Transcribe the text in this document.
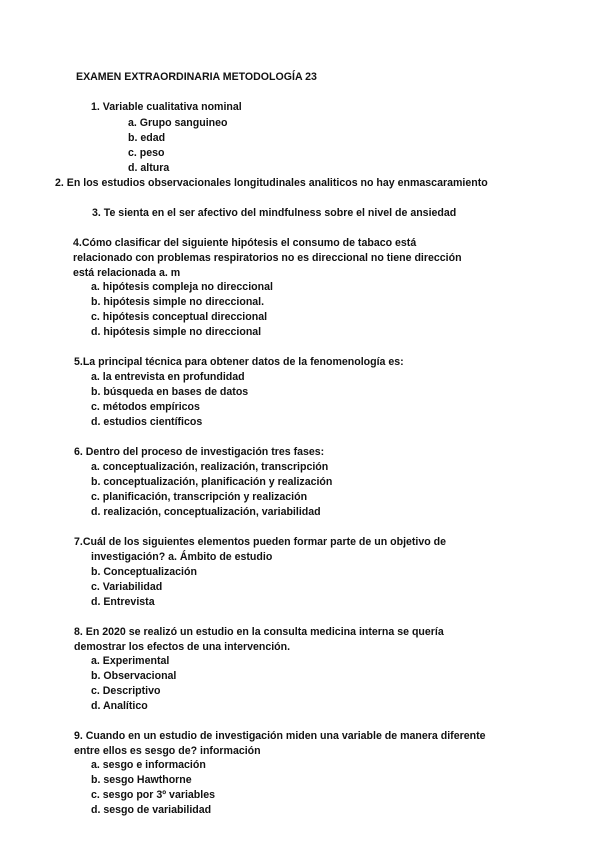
EXAMEN EXTRAORDINARIA METODOLOGÍA 23
1. Variable cualitativa nominal
a. Grupo sanguineo
b. edad
c. peso
d. altura
2. En los estudios observacionales longitudinales analiticos no hay enmascaramiento
3. Te sienta en el ser afectivo del mindfulness sobre el nivel de ansiedad
4.Cómo clasificar del siguiente hipótesis el consumo de tabaco está
relacionado con problemas respiratorios no es direccional no tiene dirección
está relacionada a. m
a. hipótesis compleja no direccional
b. hipótesis simple no direccional.
c. hipótesis conceptual direccional
d. hipótesis simple no direccional
5.La principal técnica para obtener datos de la fenomenología es:
a. la entrevista en profundidad
b. búsqueda en bases de datos
c. métodos empíricos
d. estudios científicos
6. Dentro del proceso de investigación tres fases:
a. conceptualización, realización, transcripción
b. conceptualización, planificación y realización
c. planificación, transcripción y realización
d. realización, conceptualización, variabilidad
7.Cuál de los siguientes elementos pueden formar parte de un objetivo de
investigación? a. Ámbito de estudio
b. Conceptualización
c. Variabilidad
d. Entrevista
8. En 2020 se realizó un estudio en la consulta medicina interna se quería
demostrar los efectos de una intervención.
a. Experimental
b. Observacional
c. Descriptivo
d. Analítico
9. Cuando en un estudio de investigación miden una variable de manera diferente
entre ellos es sesgo de? información
a. sesgo e información
b. sesgo Hawthorne
c. sesgo por 3º variables
d. sesgo de variabilidad
